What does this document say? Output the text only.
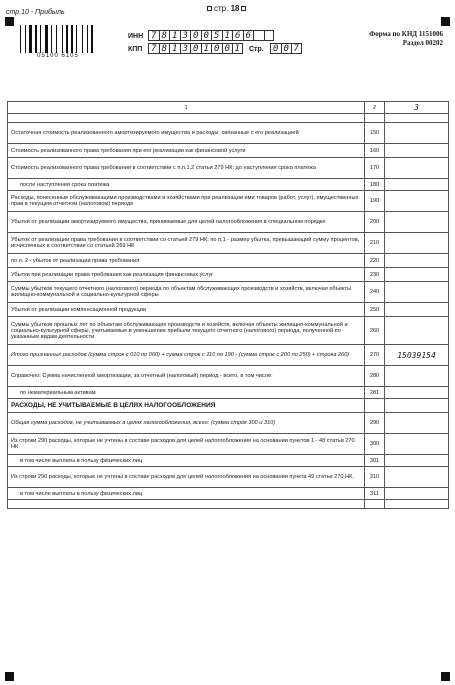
стр.10 - Прибыль	стр. 18
05100 6105
ИНН 7 8 1 3 0 0 5 1 6 6
КПП 7 8 1 3 0 1 0 0 1	Стр.	0 0 7
Форма по КНД 1151006
Раздел 00202
1	2	3

Остаточная стоимость реализованного амортизируемого имущества и расходы, связанные с его реализацией	150	
Стоимость реализованного права требования при его реализации как финансовой услуги	160	
Стоимость реализованного права требования в соответствии с п.п.1,2 статьи 279 НК: до наступления срока платежа	170	
после наступления срока платежа	180	
Расходы, понесенные обслуживающими производствами и хозяйствами при реализации ими товаров (работ, услуг), имущественных прав в текущем отчетном (налоговом) периоде	190	
Убытки от реализации амортизируемого имущества, принимаемые для целей налогообложения в специальном порядке	200	
Убыток от реализации права требования в соответствии со статьей 279 НК: по п.1 - размер убытка, превышающий сумму процентов, исчисленных в соответствии со статьей 269 НК	210	
по п. 2 - убыток от реализации права требования	220	
Убытки при реализации права требования как реализация финансовых услуг	230	
Суммы убытков текущего отчетного (налогового) периода по объектам обслуживающих производств и хозяйств, включая объекты жилищно-коммунальной и социально-культурной сферы	240	
Убытки от реализации компенсационной продукции	250	
Суммы убытков прошлых лет по объектам обслуживающих производств и хозяйств, включая объекты жилищно-коммунальной и социально-культурной сферы, учитываемые в уменьшение прибыли текущего отчетного (налогового) периода, полученной по указанным видам деятельности	260	
Итого признанных расходов (сумма строк с 010 по 060) + сумма строк с 110 по 190 - (сумма строк с 200 по 250) + строка 260)	270	15039154
Справочно: Сумма начисленной амортизации, за отчетный (налоговый) период - всего, в том числе:	280	
по нематериальным активам	281	
РАСХОДЫ, НЕ УЧИТЫВАЕМЫЕ В ЦЕЛЯХ НАЛОГООБЛОЖЕНИЯ		
Общая сумма расходов, не учитываемых в целях налогообложения, всего: (сумма строк 300 и 310)	290	
Из строки 290 расходы, которые не учтены в составе расходов для целей налогообложения на основании пунктов 1 - 48 статьи 270 НК	300	
в том числе выплаты в пользу физических лиц	301	
Из строки 290 расходы, которые не учтены в составе расходов для целей налогообложения на основании пункта 49 статьи 270 НК,	310	
в том числе выплаты в пользу физических лиц	311	
